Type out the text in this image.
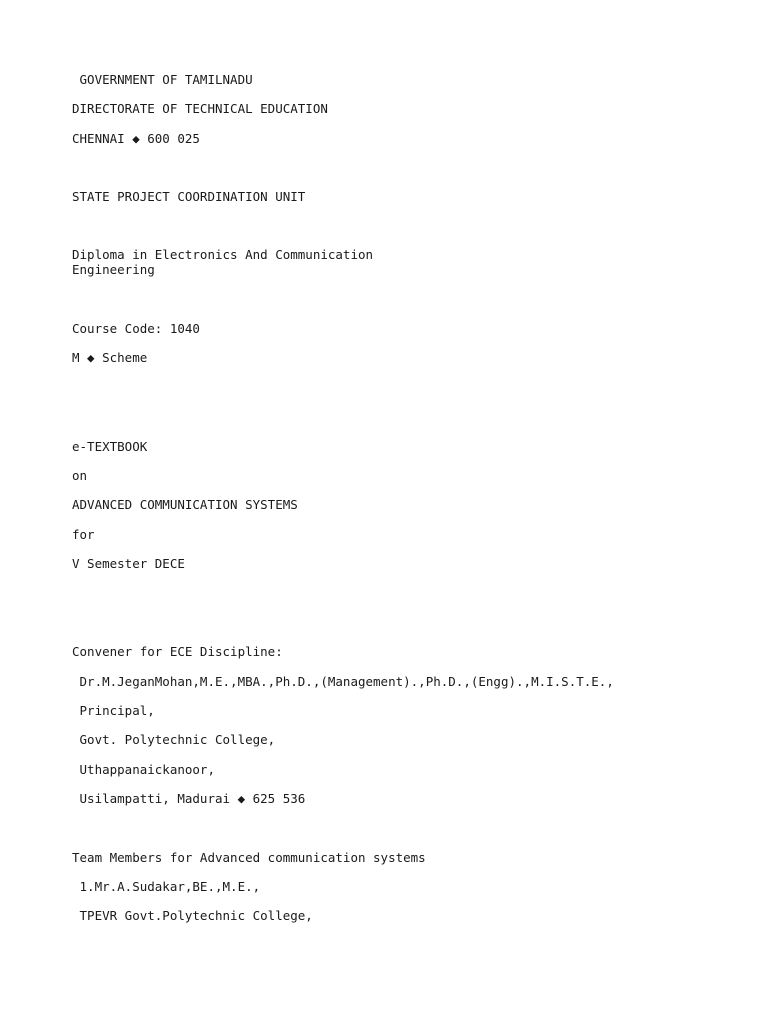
GOVERNMENT OF TAMILNADU

DIRECTORATE OF TECHNICAL EDUCATION

CHENNAI ◆ 600 025

STATE PROJECT COORDINATION UNIT

Diploma in Electronics And Communication

Engineering

Course Code: 1040

M ◆ Scheme

e-TEXTBOOK

on

ADVANCED COMMUNICATION SYSTEMS

for

V Semester DECE

Convener for ECE Discipline:

Dr.M.JeganMohan,M.E.,MBA.,Ph.D.,(Management).,Ph.D.,(Engg).,M.I.S.T.E.,

Principal,

Govt. Polytechnic College,

Uthappanaickanoor,

Usilampatti, Madurai ◆ 625 536

Team Members for Advanced communication systems

1.Mr.A.Sudakar,BE.,M.E.,

TPEVR Govt.Polytechnic College,
